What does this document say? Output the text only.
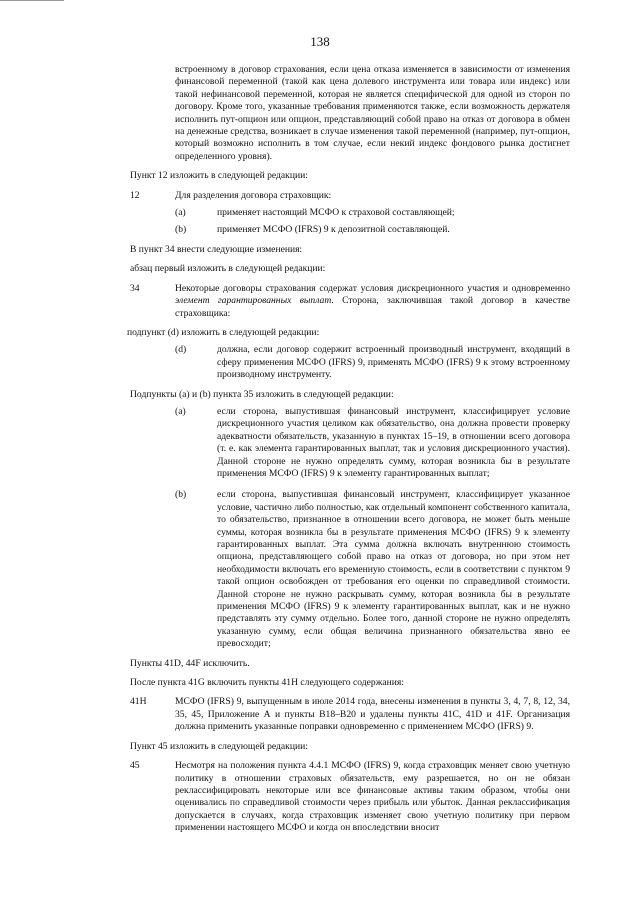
138

встроенному в договор страхования, если цена отказа изменяется в зависимости от изменения финансовой переменной (такой как цена долевого инструмента или товара или индекс) или такой нефинансовой переменной, которая не является специфической для одной из сторон по договору. Кроме того, указанные требования применяются также, если возможность держателя исполнить пут-опцион или опцион, представляющий собой право на отказ от договора в обмен на денежные средства, возникает в случае изменения такой переменной (например, пут-опцион, который возможно исполнить в том случае, если некий индекс фондового рынка достигнет определенного уровня).

Пункт 12 изложить в следующей редакции:

12	Для разделения договора страховщик:
(a)	применяет настоящий МСФО к страховой составляющей;
(b)	применяет МСФО (IFRS) 9 к депозитной составляющей.

В пункт 34 внести следующие изменения:

абзац первый изложить в следующей редакции:

34	Некоторые договоры страхования содержат условия дискреционного участия и одновременно элемент гарантированных выплат. Сторона, заключившая такой договор в качестве страховщика:

подпункт (d) изложить в следующей редакции:

(d)	должна, если договор содержит встроенный производный инструмент, входящий в сферу применения МСФО (IFRS) 9, применять МСФО (IFRS) 9 к этому встроенному производному инструменту.

Подпункты (a) и (b) пункта 35 изложить в следующей редакции:

(a)	если сторона, выпустившая финансовый инструмент, классифицирует условие дискреционного участия целиком как обязательство, она должна провести проверку адекватности обязательств, указанную в пунктах 15–19, в отношении всего договора (т. е. как элемента гарантированных выплат, так и условия дискреционного участия). Данной стороне не нужно определять сумму, которая возникла бы в результате применения МСФО (IFRS) 9 к элементу гарантированных выплат;
(b)	если сторона, выпустившая финансовый инструмент, классифицирует указанное условие, частично либо полностью, как отдельный компонент собственного капитала, то обязательство, признанное в отношении всего договора, не может быть меньше суммы, которая возникла бы в результате применения МСФО (IFRS) 9 к элементу гарантированных выплат. Эта сумма должна включать внутреннюю стоимость опциона, представляющего собой право на отказ от договора, но при этом нет необходимости включать его временную стоимость, если в соответствии с пунктом 9 такой опцион освобожден от требования его оценки по справедливой стоимости. Данной стороне не нужно раскрывать сумму, которая возникла бы в результате применения МСФО (IFRS) 9 к элементу гарантированных выплат, как и не нужно представлять эту сумму отдельно. Более того, данной стороне не нужно определять указанную сумму, если общая величина признанного обязательства явно ее превосходит;

Пункты 41D, 44F исключить.

После пункта 41G включить пункты 41H следующего содержания:

41H	МСФО (IFRS) 9, выпущенным в июле 2014 года, внесены изменения в пункты 3, 4, 7, 8, 12, 34, 35, 45, Приложение А и пункты B18–B20 и удалены пункты 41C, 41D и 41F. Организация должна применить указанные поправки одновременно с применением МСФО (IFRS) 9.

Пункт 45 изложить в следующей редакции:

45	Несмотря на положения пункта 4.4.1 МСФО (IFRS) 9, когда страховщик меняет свою учетную политику в отношении страховых обязательств, ему разрешается, но он не обязан реклассифицировать некоторые или все финансовые активы таким образом, чтобы они оценивались по справедливой стоимости через прибыль или убыток. Данная реклассификация допускается в случаях, когда страховщик изменяет свою учетную политику при первом применении настоящего МСФО и когда он впоследствии вносит
